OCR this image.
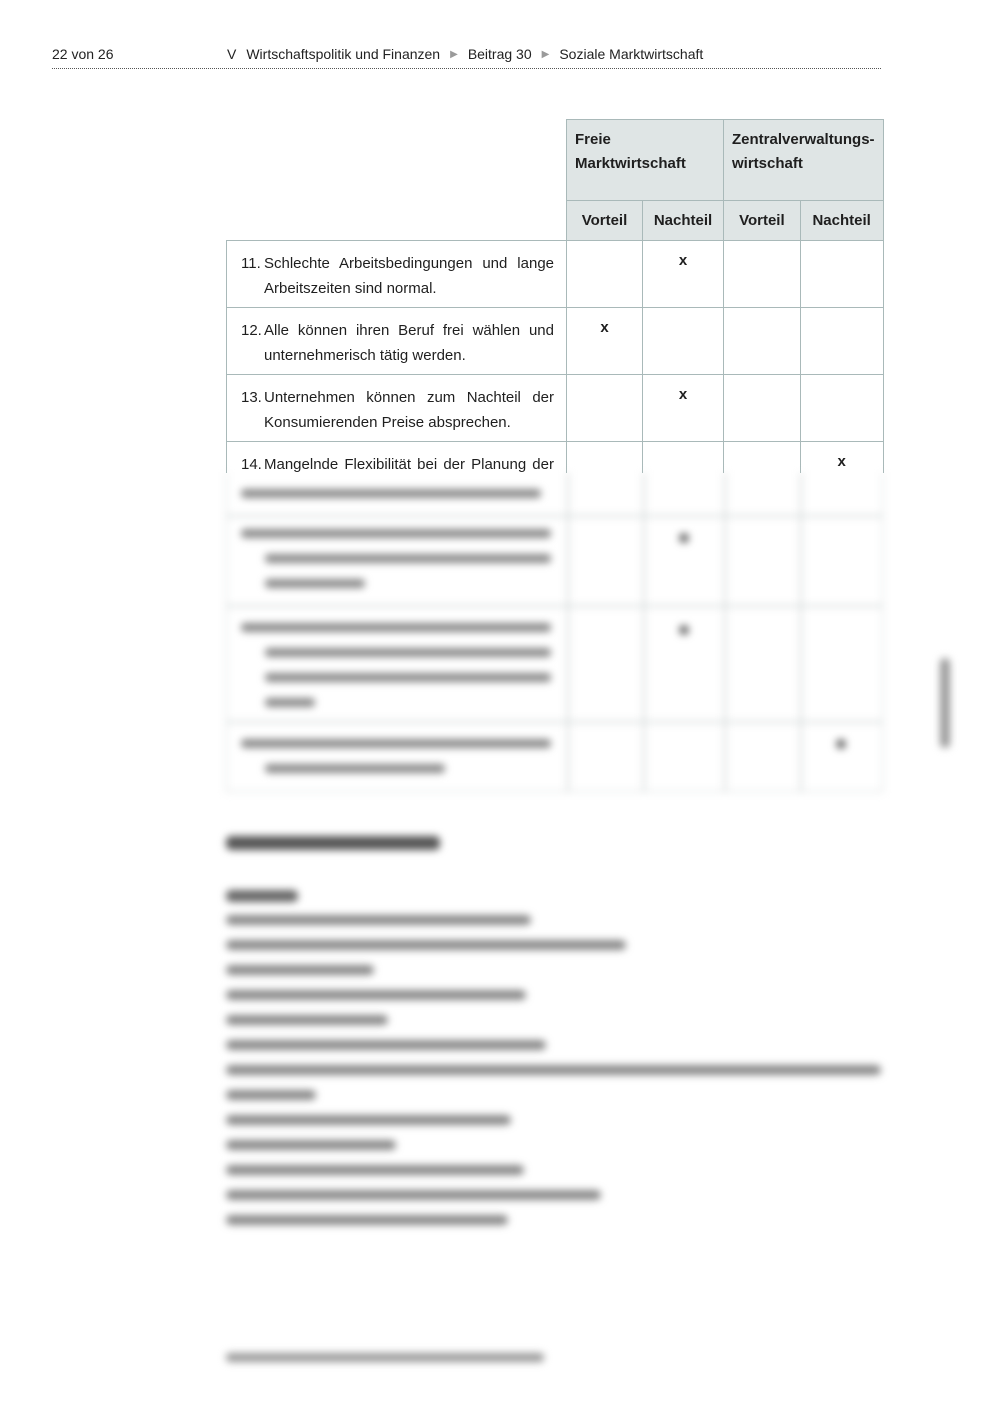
22 von 26	V Wirtschaftspolitik und Finanzen ▶ Beitrag 30 ▶ Soziale Marktwirtschaft
	Freie Marktwirtschaft		Zentralverwaltungs-wirtschaft	
	Vorteil	Nachteil	Vorteil	Nachteil

11. Schlechte Arbeitsbedingungen und lange Arbeitszeiten sind normal.		x		

12. Alle können ihren Beruf frei wählen und unternehmerisch tätig werden.	x			

13. Unternehmen können zum Nachteil der Konsumierenden Preise absprechen.		x		

14. Mangelnde Flexibilität bei der Planung der				x
